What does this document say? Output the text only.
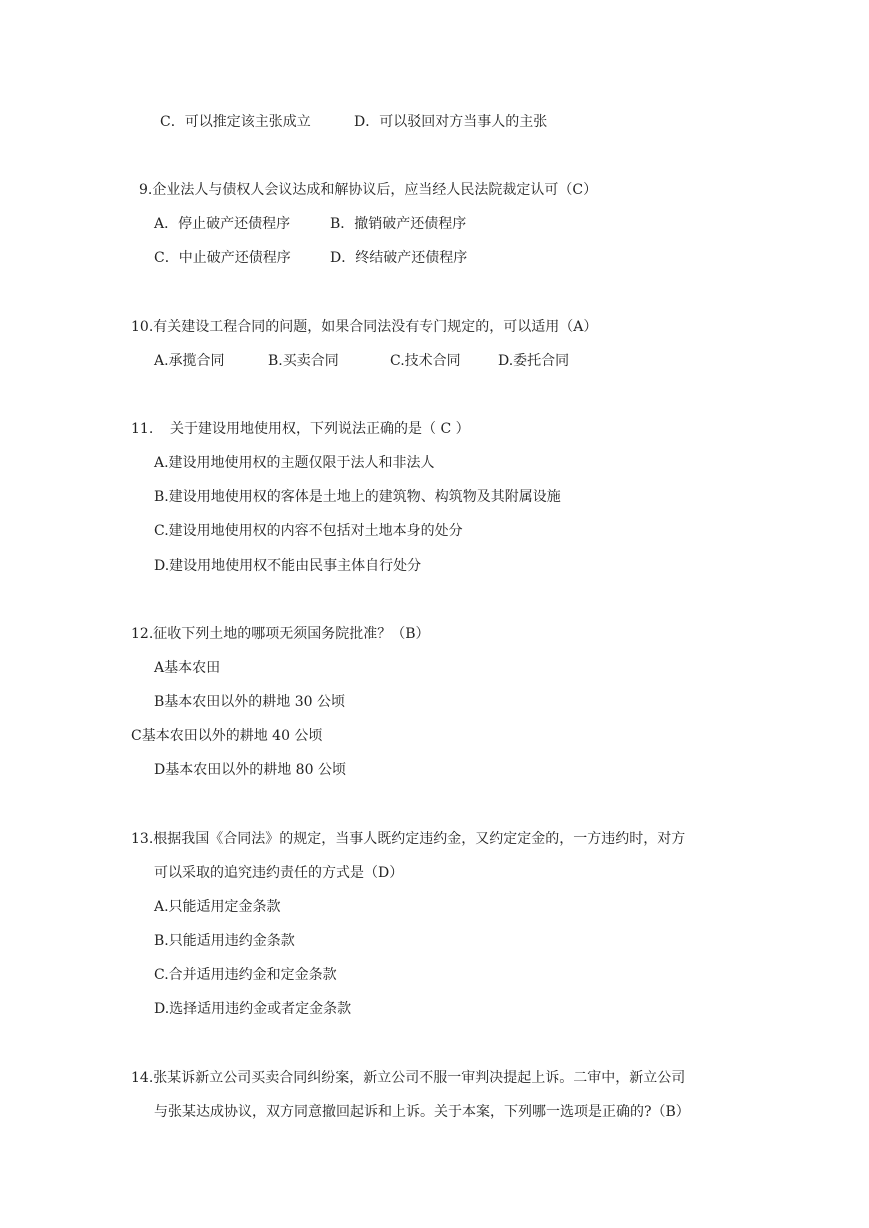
C．可以推定该主张成立	D．可以驳回对方当事人的主张
9.企业法人与债权人会议达成和解协议后，应当经人民法院裁定认可（C）
A．停止破产还债程序	B．撤销破产还债程序
C．中止破产还债程序	D．终结破产还债程序
10.有关建设工程合同的问题，如果合同法没有专门规定的，可以适用（A）
A.承揽合同	B.买卖合同	C.技术合同	D.委托合同
11. 关于建设用地使用权，下列说法正确的是（ C ）
A.建设用地使用权的主题仅限于法人和非法人
B.建设用地使用权的客体是土地上的建筑物、构筑物及其附属设施
C.建设用地使用权的内容不包括对土地本身的处分
D.建设用地使用权不能由民事主体自行处分
12.征收下列土地的哪项无须国务院批准？（B）
A基本农田
B基本农田以外的耕地 30 公顷
C基本农田以外的耕地 40 公顷
D基本农田以外的耕地 80 公顷
13.根据我国《合同法》的规定，当事人既约定违约金，又约定定金的，一方违约时，对方
可以采取的追究违约责任的方式是（D）
A.只能适用定金条款
B.只能适用违约金条款
C.合并适用违约金和定金条款
D.选择适用违约金或者定金条款
14.张某诉新立公司买卖合同纠纷案，新立公司不服一审判决提起上诉。二审中，新立公司
与张某达成协议，双方同意撤回起诉和上诉。关于本案，下列哪一选项是正确的?（B）
